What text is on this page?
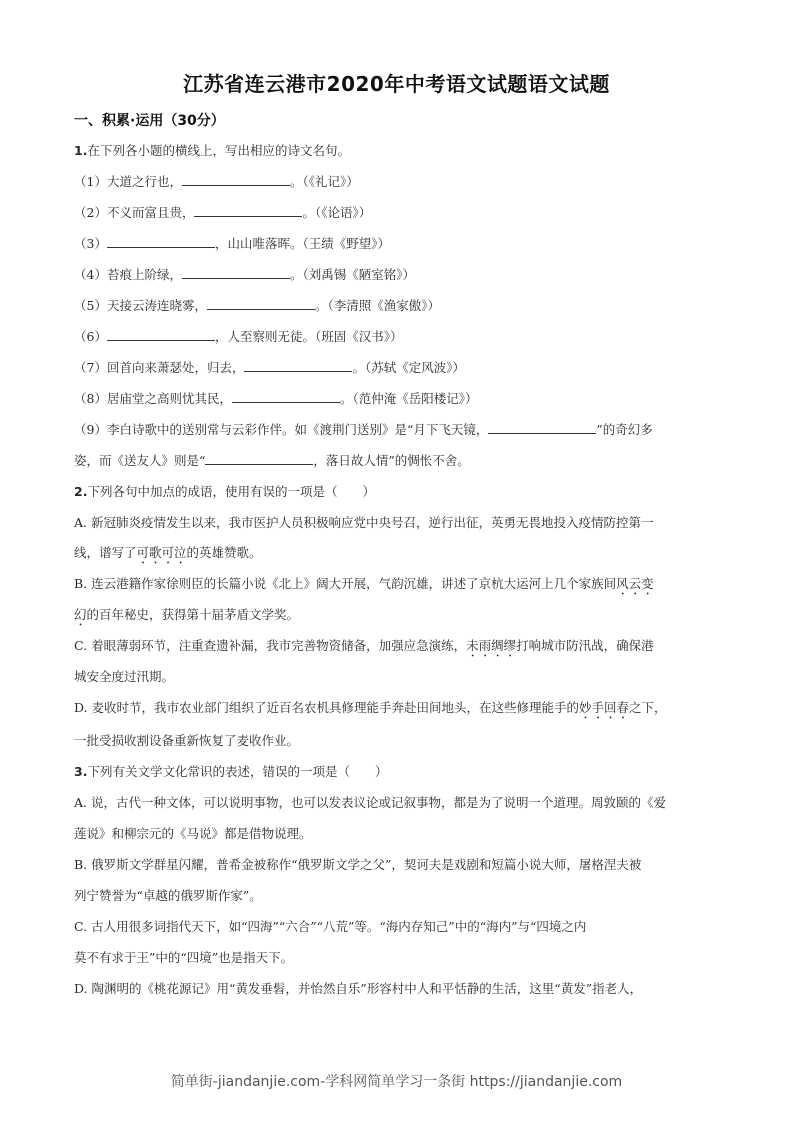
江苏省连云港市2020年中考语文试题语文试题
一、积累·运用（30分）
1.在下列各小题的横线上，写出相应的诗文名句。
（1）大道之行也，	。（《礼记》）
（2）不义而富且贵，	。（《论语》）
（3）	，山山唯落晖。（王绩《野望》）
（4）苔痕上阶绿，	。（刘禹锡《陋室铭》）
（5）天接云涛连晓雾，	。（李清照《渔家傲》）
（6）	，人至察则无徒。（班固《汉书》）
（7）回首向来萧瑟处，归去，	。（苏轼《定风波》）
（8）居庙堂之高则忧其民，	。（范仲淹《岳阳楼记》）
（9）李白诗歌中的送别常与云彩作伴。如《渡荆门送别》是“月下飞天镜，	”的奇幻多
姿，而《送友人》则是“	，落日故人情”的惆怅不舍。
2.下列各句中加点的成语，使用有误的一项是（　　）
A. 新冠肺炎疫情发生以来，我市医护人员积极响应党中央号召，逆行出征，英勇无畏地投入疫情防控第一
线，谱写了可歌可泣的英雄赞歌。
B. 连云港籍作家徐则臣的长篇小说《北上》阔大开展，气韵沉雄，讲述了京杭大运河上几个家族间风云变
幻的百年秘史，获得第十届茅盾文学奖。
C. 着眼薄弱环节，注重查遗补漏，我市完善物资储备，加强应急演练，未雨绸缪打响城市防汛战，确保港
城安全度过汛期。
D. 麦收时节，我市农业部门组织了近百名农机具修理能手奔赴田间地头，在这些修理能手的妙手回春之下，
一批受损收割设备重新恢复了麦收作业。
3.下列有关文学文化常识的表述，错误的一项是（　　）
A. 说，古代一种文体，可以说明事物，也可以发表议论或记叙事物，都是为了说明一个道理。周敦颐的《爱
莲说》和柳宗元的《马说》都是借物说理。
B. 俄罗斯文学群星闪耀，普希金被称作“俄罗斯文学之父”，契诃夫是戏剧和短篇小说大师，屠格涅夫被
列宁赞誉为“卓越的俄罗斯作家”。
C. 古人用很多词指代天下，如“四海”“六合”“八荒”等。“海内存知己”中的“海内”与“四境之内
莫不有求于王”中的“四境”也是指天下。
D. 陶渊明的《桃花源记》用“黄发垂髫，并怡然自乐”形容村中人和平恬静的生活，这里“黄发”指老人，
简单街-jiandanjie.com-学科网简单学习一条街 https://jiandanjie.com
